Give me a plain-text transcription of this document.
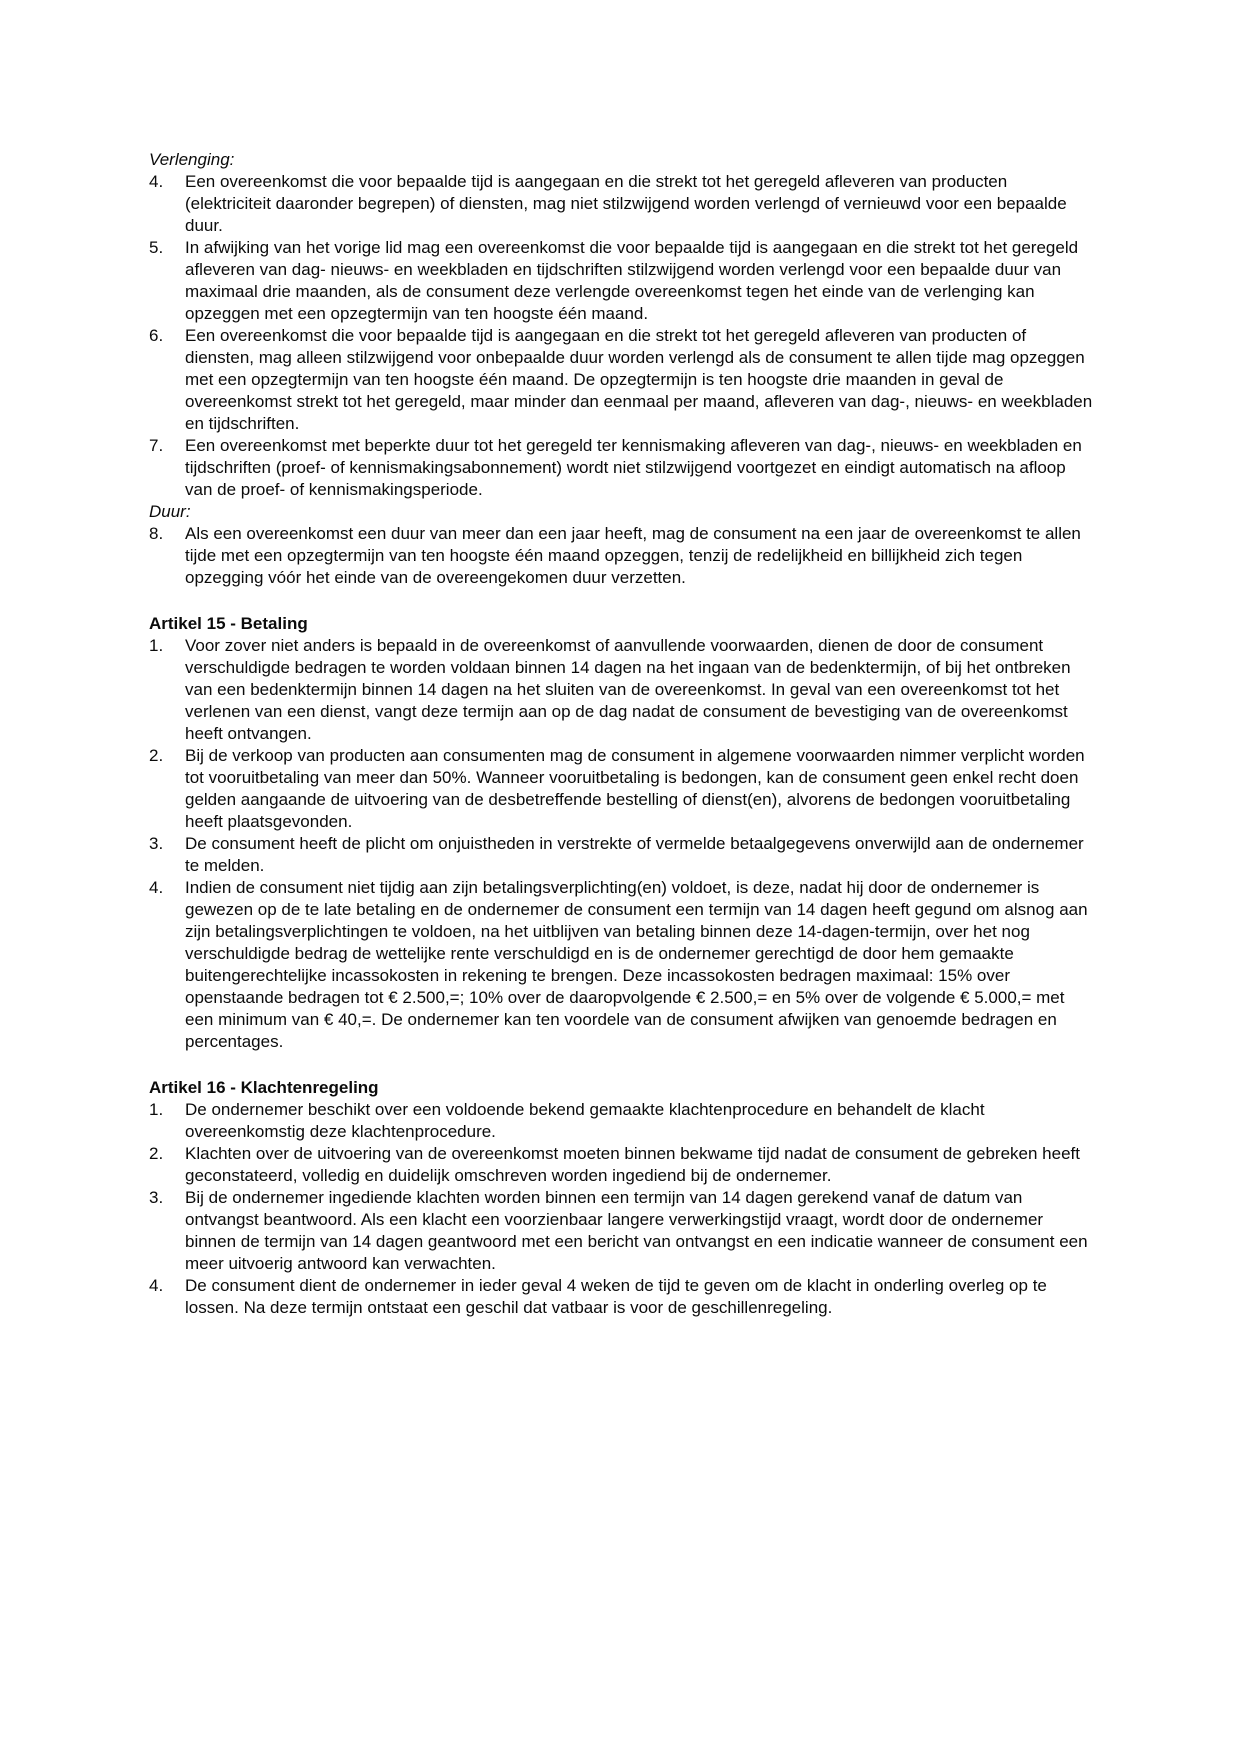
Verlenging:
4.	Een overeenkomst die voor bepaalde tijd is aangegaan en die strekt tot het geregeld afleveren van producten (elektriciteit daaronder begrepen) of diensten, mag niet stilzwijgend worden verlengd of vernieuwd voor een bepaalde duur.
5.	In afwijking van het vorige lid mag een overeenkomst die voor bepaalde tijd is aangegaan en die strekt tot het geregeld afleveren van dag- nieuws- en weekbladen en tijdschriften stilzwijgend worden verlengd voor een bepaalde duur van maximaal drie maanden, als de consument deze verlengde overeenkomst tegen het einde van de verlenging kan opzeggen met een opzegtermijn van ten hoogste één maand.
6.	Een overeenkomst die voor bepaalde tijd is aangegaan en die strekt tot het geregeld afleveren van producten of diensten, mag alleen stilzwijgend voor onbepaalde duur worden verlengd als de consument te allen tijde mag opzeggen met een opzegtermijn van ten hoogste één maand. De opzegtermijn is ten hoogste drie maanden in geval de overeenkomst strekt tot het geregeld, maar minder dan eenmaal per maand, afleveren van dag-, nieuws- en weekbladen en tijdschriften.
7.	Een overeenkomst met beperkte duur tot het geregeld ter kennismaking afleveren van dag-, nieuws- en weekbladen en tijdschriften (proef- of kennismakingsabonnement) wordt niet stilzwijgend voortgezet en eindigt automatisch na afloop van de proef- of kennismakingsperiode.
Duur:
8.	Als een overeenkomst een duur van meer dan een jaar heeft, mag de consument na een jaar de overeenkomst te allen tijde met een opzegtermijn van ten hoogste één maand opzeggen, tenzij de redelijkheid en billijkheid zich tegen opzegging vóór het einde van de overeengekomen duur verzetten.
Artikel 15 - Betaling
1.	Voor zover niet anders is bepaald in de overeenkomst of aanvullende voorwaarden, dienen de door de consument verschuldigde bedragen te worden voldaan binnen 14 dagen na het ingaan van de bedenktermijn, of bij het ontbreken van een bedenktermijn binnen 14 dagen na het sluiten van de overeenkomst. In geval van een overeenkomst tot het verlenen van een dienst, vangt deze termijn aan op de dag nadat de consument de bevestiging van de overeenkomst heeft ontvangen.
2.	Bij de verkoop van producten aan consumenten mag de consument in algemene voorwaarden nimmer verplicht worden tot vooruitbetaling van meer dan 50%. Wanneer vooruitbetaling is bedongen, kan de consument geen enkel recht doen gelden aangaande de uitvoering van de desbetreffende bestelling of dienst(en), alvorens de bedongen vooruitbetaling heeft plaatsgevonden.
3.	De consument heeft de plicht om onjuistheden in verstrekte of vermelde betaalgegevens onverwijld aan de ondernemer te melden.
4.	Indien de consument niet tijdig aan zijn betalingsverplichting(en) voldoet, is deze, nadat hij door de ondernemer is gewezen op de te late betaling en de ondernemer de consument een termijn van 14 dagen heeft gegund om alsnog aan zijn betalingsverplichtingen te voldoen, na het uitblijven van betaling binnen deze 14-dagen-termijn, over het nog verschuldigde bedrag de wettelijke rente verschuldigd en is de ondernemer gerechtigd de door hem gemaakte buitengerechtelijke incassokosten in rekening te brengen. Deze incassokosten bedragen maximaal: 15% over openstaande bedragen tot € 2.500,=; 10% over de daaropvolgende € 2.500,= en 5% over de volgende € 5.000,= met een minimum van € 40,=. De ondernemer kan ten voordele van de consument afwijken van genoemde bedragen en percentages.
Artikel 16 - Klachtenregeling
1.	De ondernemer beschikt over een voldoende bekend gemaakte klachtenprocedure en behandelt de klacht overeenkomstig deze klachtenprocedure.
2.	Klachten over de uitvoering van de overeenkomst moeten binnen bekwame tijd nadat de consument de gebreken heeft geconstateerd, volledig en duidelijk omschreven worden ingediend bij de ondernemer.
3.	Bij de ondernemer ingediende klachten worden binnen een termijn van 14 dagen gerekend vanaf de datum van ontvangst beantwoord. Als een klacht een voorzienbaar langere verwerkingstijd vraagt, wordt door de ondernemer binnen de termijn van 14 dagen geantwoord met een bericht van ontvangst en een indicatie wanneer de consument een meer uitvoerig antwoord kan verwachten.
4.	De consument dient de ondernemer in ieder geval 4 weken de tijd te geven om de klacht in onderling overleg op te lossen. Na deze termijn ontstaat een geschil dat vatbaar is voor de geschillenregeling.
